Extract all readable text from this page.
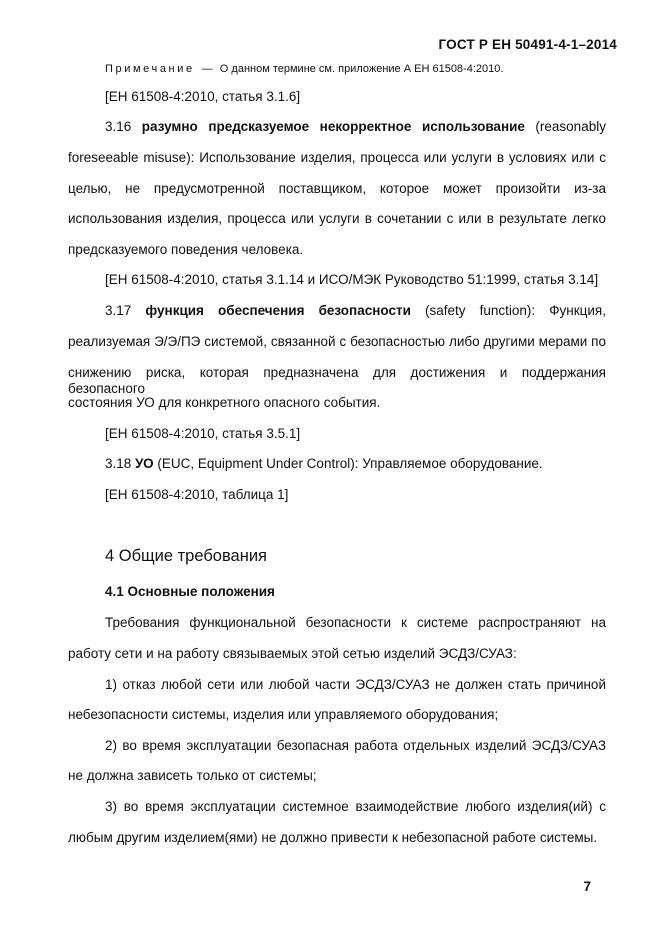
ГОСТ Р ЕН 50491-4-1–2014
Примечание — О данном термине см. приложение А ЕН 61508-4:2010.
[ЕН 61508-4:2010, статья 3.1.6]
3.16 разумно предсказуемое некорректное использование (reasonably
foreseeable misuse): Использование изделия, процесса или услуги в условиях или с
целью, не предусмотренной поставщиком, которое может произойти из-за
использования изделия, процесса или услуги в сочетании с или в результате легко
предсказуемого поведения человека.
[ЕН 61508-4:2010, статья 3.1.14 и ИСО/МЭК Руководство 51:1999, статья 3.14]
3.17 функция обеспечения безопасности (safety function): Функция,
реализуемая Э/Э/ПЭ системой, связанной с безопасностью либо другими мерами по
снижению риска, которая предназначена для достижения и поддержания безопасного
состояния УО для конкретного опасного события.
[ЕН 61508-4:2010, статья 3.5.1]
3.18 УО (EUC, Equipment Under Control): Управляемое оборудование.
[ЕН 61508-4:2010, таблица 1]
4 Общие требования
4.1 Основные положения
Требования функциональной безопасности к системе распространяют на
работу сети и на работу связываемых этой сетью изделий ЭСДЗ/СУАЗ:
1) отказ любой сети или любой части ЭСДЗ/СУАЗ не должен стать причиной
небезопасности системы, изделия или управляемого оборудования;
2) во время эксплуатации безопасная работа отдельных изделий ЭСДЗ/СУАЗ
не должна зависеть только от системы;
3) во время эксплуатации системное взаимодействие любого изделия(ий) с
любым другим изделием(ями) не должно привести к небезопасной работе системы.
7
